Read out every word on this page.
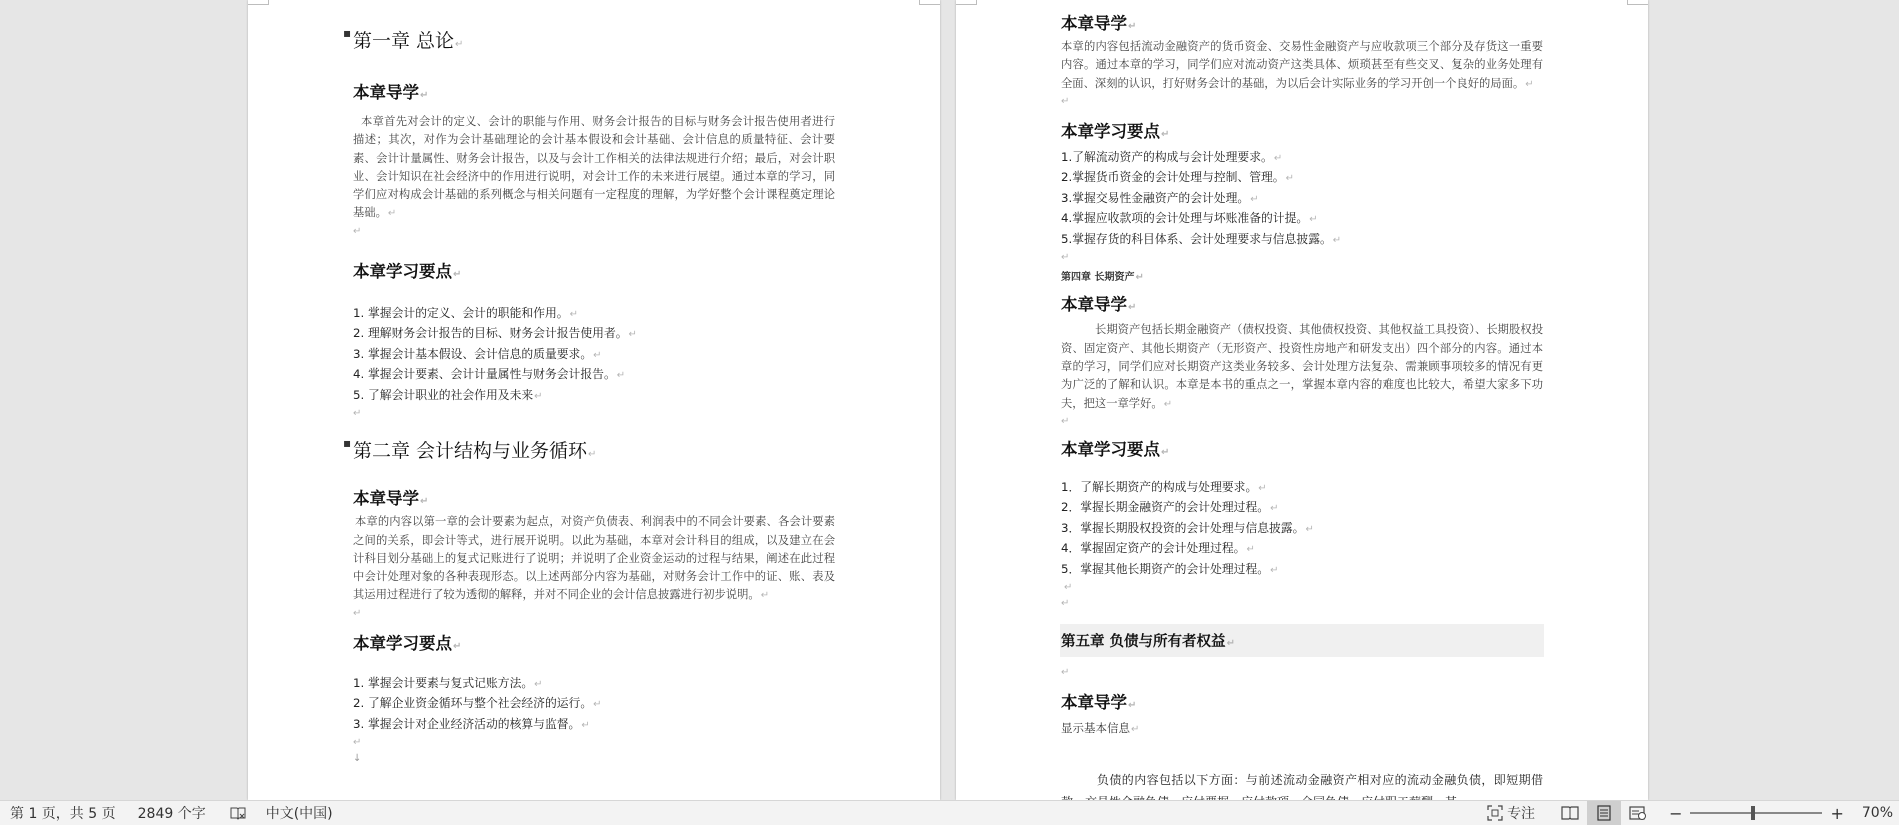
▪ 第一章 总论↵
本章导学↵

本章首先对会计的定义、会计的职能与作用、财务会计报告的目标与财务会计报告使用者进行描述；其次，对作为会计基础理论的会计基本假设和会计基础、会计信息的质量特征、会计要素、会计计量属性、财务会计报告，以及与会计工作相关的法律法规进行介绍；最后，对会计职业、会计知识在社会经济中的作用进行说明，对会计工作的未来进行展望。通过本章的学习，同学们应对构成会计基础的系列概念与相关问题有一定程度的理解，为学好整个会计课程奠定理论基础。↵

↵
本章学习要点↵
1. 掌握会计的定义、会计的职能和作用。↵
2. 理解财务会计报告的目标、财务会计报告使用者。↵
3. 掌握会计基本假设、会计信息的质量要求。↵
4. 掌握会计要素、会计计量属性与财务会计报告。↵
5. 了解会计职业的社会作用及未来↵
↵
▪ 第二章 会计结构与业务循环↵
本章导学↵

本章的内容以第一章的会计要素为起点，对资产负债表、利润表中的不同会计要素、各会计要素之间的关系，即会计等式，进行展开说明。以此为基础，本章对会计科目的组成，以及建立在会计科目划分基础上的复式记账进行了说明；并说明了企业资金运动的过程与结果，阐述在此过程中会计处理对象的各种表现形态。以上述两部分内容为基础，对财务会计工作中的证、账、表及其运用过程进行了较为透彻的解释，并对不同企业的会计信息披露进行初步说明。↵

↵
本章学习要点↵
1. 掌握会计要素与复式记账方法。↵
2. 了解企业资金循环与整个社会经济的运行。↵
3. 掌握会计对企业经济活动的核算与监督。↵
↵
↓
本章导学↵

本章的内容包括流动金融资产的货币资金、交易性金融资产与应收款项三个部分及存货这一重要内容。通过本章的学习，同学们应对流动资产这类具体、烦琐甚至有些交叉、复杂的业务处理有全面、深刻的认识，打好财务会计的基础，为以后会计实际业务的学习开创一个良好的局面。↵

↵
本章学习要点↵
1.了解流动资产的构成与会计处理要求。↵
2.掌握货币资金的会计处理与控制、管理。↵
3.掌握交易性金融资产的会计处理。↵
4.掌握应收款项的会计处理与坏账准备的计提。↵
5.掌握存货的科目体系、会计处理要求与信息披露。↵
↵
第四章 长期资产↵
本章导学↵

长期资产包括长期金融资产（债权投资、其他债权投资、其他权益工具投资）、长期股权投资、固定资产、其他长期资产（无形资产、投资性房地产和研发支出）四个部分的内容。通过本章的学习，同学们应对长期资产这类业务较多、会计处理方法复杂、需兼顾事项较多的情况有更为广泛的了解和认识。本章是本书的重点之一，掌握本章内容的难度也比较大，希望大家多下功夫，把这一章学好。↵

↵
本章学习要点↵
1．了解长期资产的构成与处理要求。↵
2．掌握长期金融资产的会计处理过程。↵
3．掌握长期股权投资的会计处理与信息披露。↵
4．掌握固定资产的会计处理过程。↵
5．掌握其他长期资产的会计处理过程。↵
↵
↵
第五章 负债与所有者权益↵
↵
本章导学↵
显示基本信息↵

负债的内容包括以下方面：与前述流动金融资产相对应的流动金融负债，即短期借

第 1 页，共 5 页	2849 个字	中文(中国)	专注	−	+ 70%
